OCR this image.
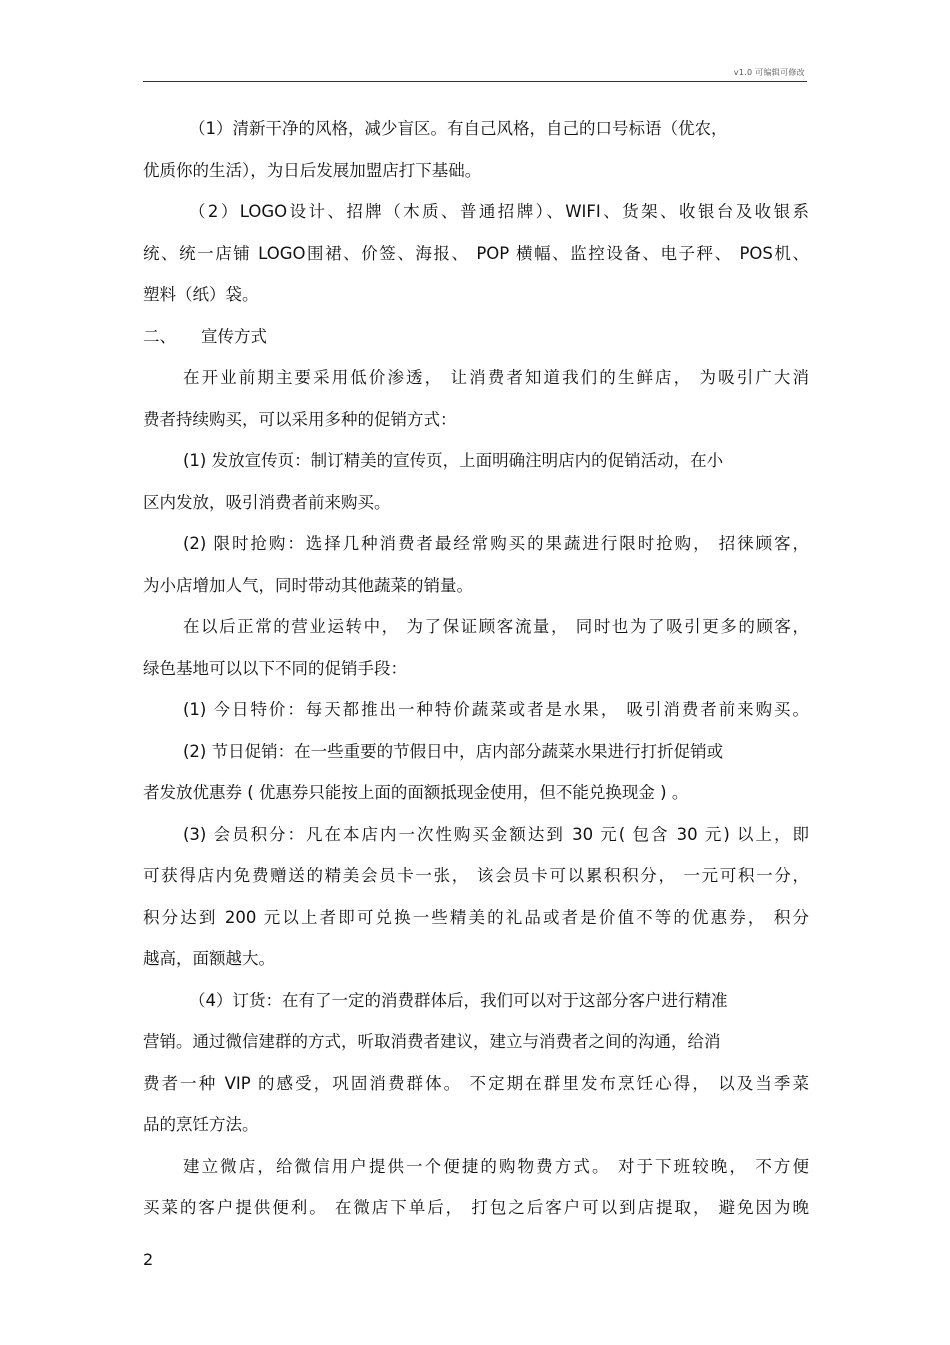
v1.0 可编辑可修改
（1）清新干净的风格，减少盲区。有自己风格，自己的口号标语（优农，
优质你的生活），为日后发展加盟店打下基础。
（2）LOGO设计、招牌（木质、普通招牌）、WIFI、货架、收银台及收银系
统、统一店铺 LOGO围裙、价签、海报、 POP 横幅、监控设备、电子秤、 POS机、
塑料（纸）袋。
二、 宣传方式
在开业前期主要采用低价渗透， 让消费者知道我们的生鲜店， 为吸引广大消
费者持续购买，可以采用多种的促销方式：
(1) 发放宣传页：制订精美的宣传页，上面明确注明店内的促销活动，在小
区内发放，吸引消费者前来购买。
(2) 限时抢购：选择几种消费者最经常购买的果蔬进行限时抢购， 招徕顾客，
为小店增加人气，同时带动其他蔬菜的销量。
在以后正常的营业运转中， 为了保证顾客流量， 同时也为了吸引更多的顾客，
绿色基地可以以下不同的促销手段：
(1) 今日特价：每天都推出一种特价蔬菜或者是水果， 吸引消费者前来购买。
(2) 节日促销：在一些重要的节假日中，店内部分蔬菜水果进行打折促销或
者发放优惠券 ( 优惠券只能按上面的面额抵现金使用，但不能兑换现金 ) 。
(3) 会员积分：凡在本店内一次性购买金额达到 30 元( 包含 30 元) 以上，即
可获得店内免费赠送的精美会员卡一张， 该会员卡可以累积积分， 一元可积一分，
积分达到 200 元以上者即可兑换一些精美的礼品或者是价值不等的优惠券， 积分
越高，面额越大。
（4）订货：在有了一定的消费群体后，我们可以对于这部分客户进行精准
营销。通过微信建群的方式，听取消费者建议，建立与消费者之间的沟通，给消
费者一种 VIP 的感受，巩固消费群体。 不定期在群里发布烹饪心得， 以及当季菜
品的烹饪方法。
建立微店，给微信用户提供一个便捷的购物费方式。 对于下班较晚， 不方便
买菜的客户提供便利。 在微店下单后， 打包之后客户可以到店提取， 避免因为晚
2
